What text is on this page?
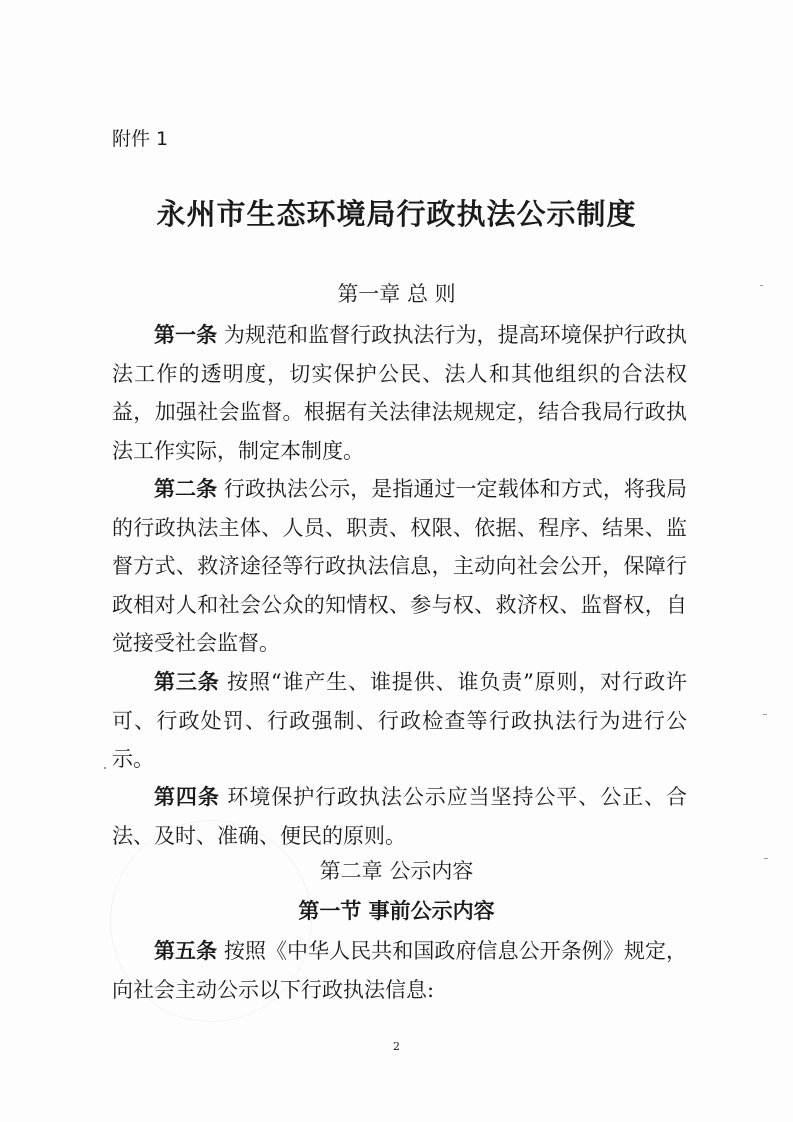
附件 1
永州市生态环境局行政执法公示制度
第一章 总 则

第一条 为规范和监督行政执法行为，提高环境保护行政执法工作的透明度，切实保护公民、法人和其他组织的合法权益，加强社会监督。根据有关法律法规规定，结合我局行政执法工作实际，制定本制度。

第二条 行政执法公示，是指通过一定载体和方式，将我局的行政执法主体、人员、职责、权限、依据、程序、结果、监督方式、救济途径等行政执法信息，主动向社会公开，保障行政相对人和社会公众的知情权、参与权、救济权、监督权，自觉接受社会监督。

第三条 按照“谁产生、谁提供、谁负责”原则，对行政许可、行政处罚、行政强制、行政检查等行政执法行为进行公示。

第四条 环境保护行政执法公示应当坚持公平、公正、合法、及时、准确、便民的原则。

第二章 公示内容
第一节 事前公示内容

第五条 按照《中华人民共和国政府信息公开条例》规定，向社会主动公示以下行政执法信息:

2
